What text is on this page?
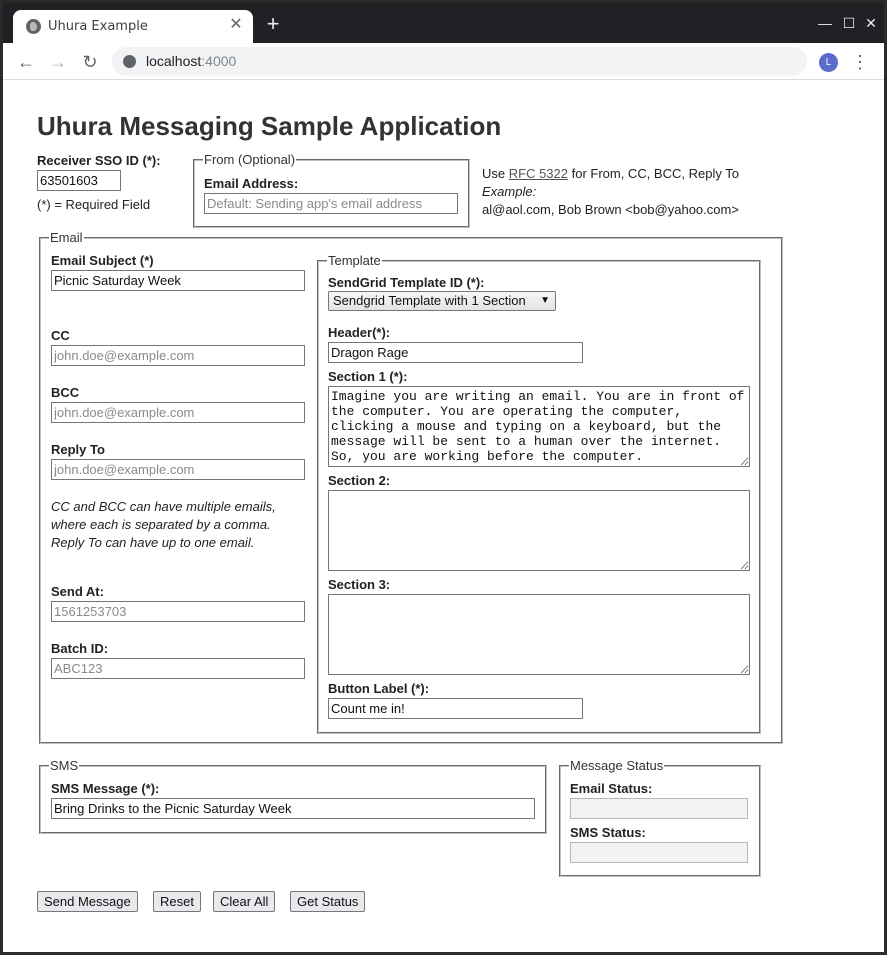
Uhura Example	✕ +	— ☐ ✕
← → ↻	localhost:4000	L	⋮
Uhura Messaging Sample Application
Receiver SSO ID (*):
63501603
(*) = Required Field
From (Optional)
Email Address:
Default: Sending app's email address
Use RFC 5322 for From, CC, BCC, Reply To
Example:
al@aol.com, Bob Brown <bob@yahoo.com>
Email
Email Subject (*)
Picnic Saturday Week
CC
john.doe@example.com
BCC
john.doe@example.com
Reply To
john.doe@example.com
CC and BCC can have multiple emails,
where each is separated by a comma.
Reply To can have up to one email.
Send At:
1561253703
Batch ID:
ABC123
Template
SendGrid Template ID (*):
Sendgrid Template with 1 Section ▼
Header(*):
Dragon Rage
Section 1 (*):
Imagine you are writing an email. You are in front of the computer. You are operating the computer, clicking a mouse and typing on a keyboard, but the message will be sent to a human over the internet. So, you are working before the computer.
Section 2:
Section 3:
Button Label (*):
Count me in!
SMS
SMS Message (*):
Bring Drinks to the Picnic Saturday Week
Message Status
Email Status:
SMS Status:
Send Message	Reset	Clear All	Get Status
